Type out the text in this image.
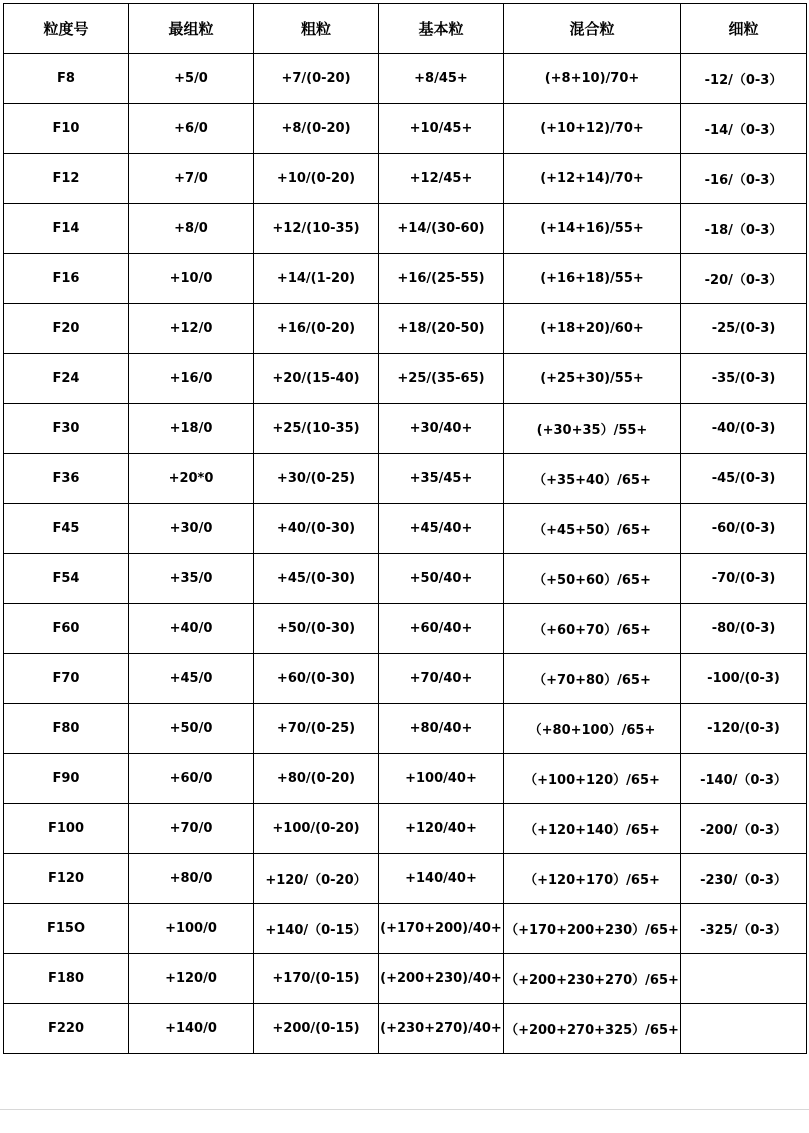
粒度号	最组粒	粗粒	基本粒	混合粒	细粒
F8	+5/0	+7/(0-20)	+8/45+	(+8+10)/70+	-12/（0-3）
F10	+6/0	+8/(0-20)	+10/45+	(+10+12)/70+	-14/（0-3）
F12	+7/0	+10/(0-20)	+12/45+	(+12+14)/70+	-16/（0-3）
F14	+8/0	+12/(10-35)	+14/(30-60)	(+14+16)/55+	-18/（0-3）
F16	+10/0	+14/(1-20)	+16/(25-55)	(+16+18)/55+	-20/（0-3）
F20	+12/0	+16/(0-20)	+18/(20-50)	(+18+20)/60+	-25/(0-3)
F24	+16/0	+20/(15-40)	+25/(35-65)	(+25+30)/55+	-35/(0-3)
F30	+18/0	+25/(10-35)	+30/40+	(+30+35）/55+	-40/(0-3)
F36	+20*0	+30/(0-25)	+35/45+	（+35+40）/65+	-45/(0-3)
F45	+30/0	+40/(0-30)	+45/40+	（+45+50）/65+	-60/(0-3)
F54	+35/0	+45/(0-30)	+50/40+	（+50+60）/65+	-70/(0-3)
F60	+40/0	+50/(0-30)	+60/40+	（+60+70）/65+	-80/(0-3)
F70	+45/0	+60/(0-30)	+70/40+	（+70+80）/65+	-100/(0-3)
F80	+50/0	+70/(0-25)	+80/40+	（+80+100）/65+	-120/(0-3)
F90	+60/0	+80/(0-20)	+100/40+	（+100+120）/65+	-140/（0-3）
F100	+70/0	+100/(0-20)	+120/40+	（+120+140）/65+	-200/（0-3）
F120	+80/0	+120/（0-20）	+140/40+	（+120+170）/65+	-230/（0-3）
F15O	+100/0	+140/（0-15）	(+170+200)/40+	（+170+200+230）/65+	-325/（0-3）
F180	+120/0	+170/(0-15)	(+200+230)/40+	（+200+230+270）/65+	
F220	+140/0	+200/(0-15)	(+230+270)/40+	（+200+270+325）/65+	
